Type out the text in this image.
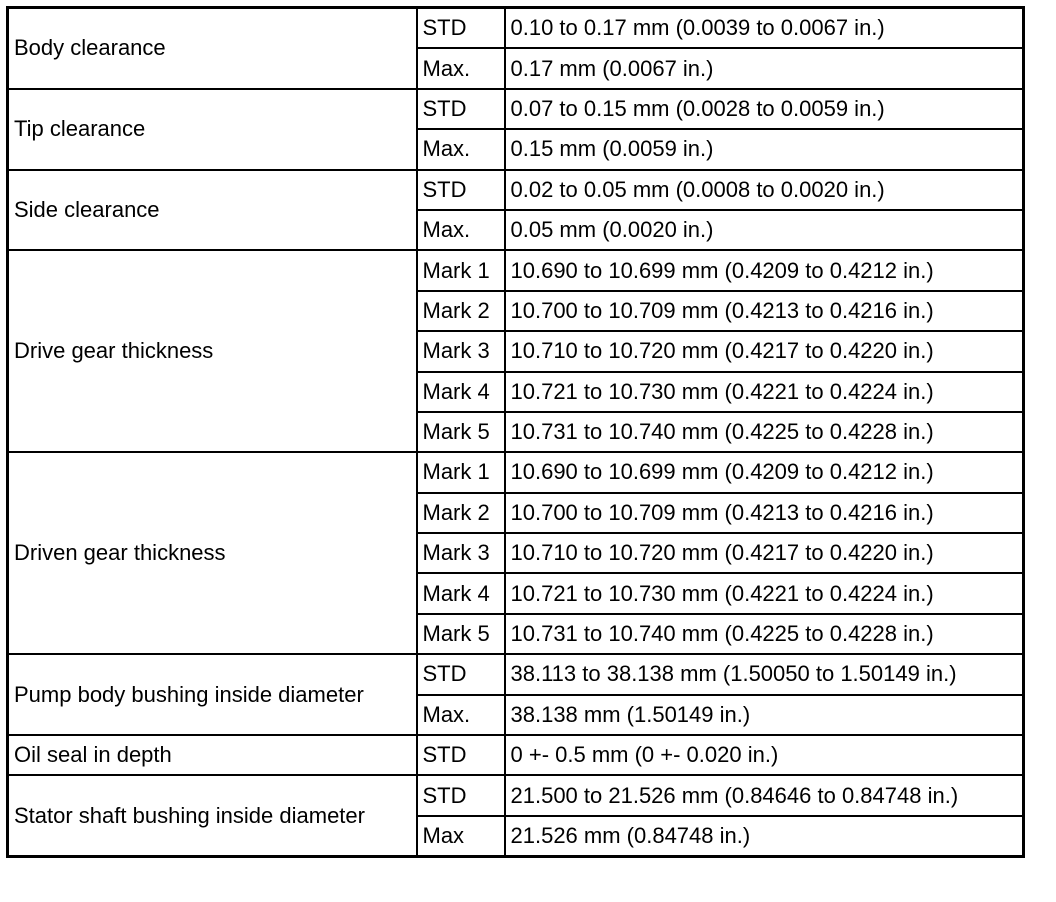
Body clearance	STD	0.10 to 0.17 mm (0.0039 to 0.0067 in.)
	Max.	0.17 mm (0.0067 in.)
Tip clearance	STD	0.07 to 0.15 mm (0.0028 to 0.0059 in.)
	Max.	0.15 mm (0.0059 in.)
Side clearance	STD	0.02 to 0.05 mm (0.0008 to 0.0020 in.)
	Max.	0.05 mm (0.0020 in.)
Drive gear thickness	Mark 1	10.690 to 10.699 mm (0.4209 to 0.4212 in.)
	Mark 2	10.700 to 10.709 mm (0.4213 to 0.4216 in.)
	Mark 3	10.710 to 10.720 mm (0.4217 to 0.4220 in.)
	Mark 4	10.721 to 10.730 mm (0.4221 to 0.4224 in.)
	Mark 5	10.731 to 10.740 mm (0.4225 to 0.4228 in.)
Driven gear thickness	Mark 1	10.690 to 10.699 mm (0.4209 to 0.4212 in.)
	Mark 2	10.700 to 10.709 mm (0.4213 to 0.4216 in.)
	Mark 3	10.710 to 10.720 mm (0.4217 to 0.4220 in.)
	Mark 4	10.721 to 10.730 mm (0.4221 to 0.4224 in.)
	Mark 5	10.731 to 10.740 mm (0.4225 to 0.4228 in.)
Pump body bushing inside diameter	STD	38.113 to 38.138 mm (1.50050 to 1.50149 in.)
	Max.	38.138 mm (1.50149 in.)
Oil seal in depth	STD	0 +- 0.5 mm (0 +- 0.020 in.)
Stator shaft bushing inside diameter	STD	21.500 to 21.526 mm (0.84646 to 0.84748 in.)
	Max	21.526 mm (0.84748 in.)
